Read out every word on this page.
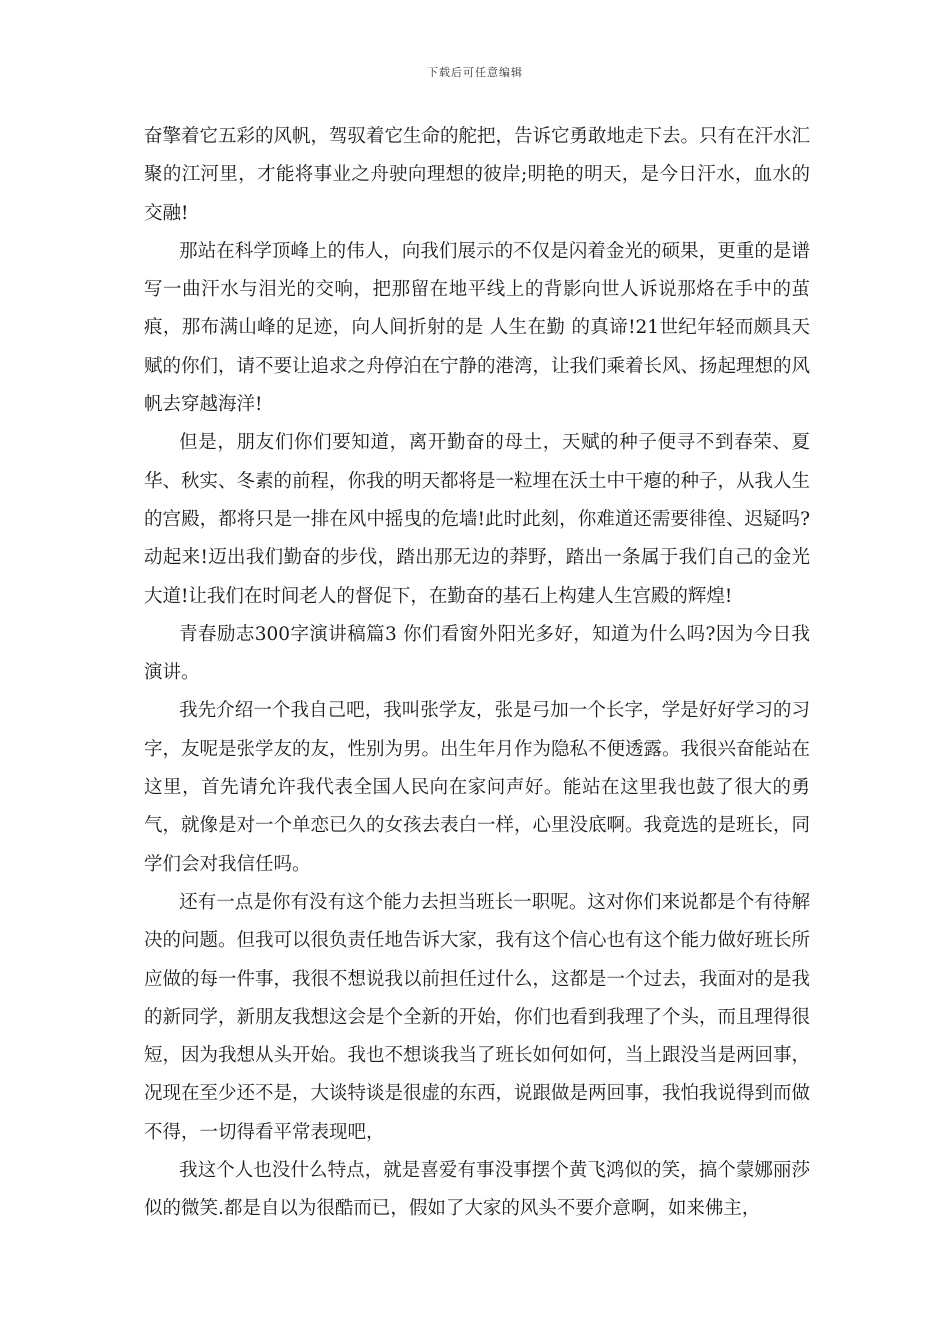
下载后可任意编辑

奋擎着它五彩的风帆，驾驭着它生命的舵把，告诉它勇敢地走下去。只有在汗水汇聚的江河里，才能将事业之舟驶向理想的彼岸;明艳的明天，是今日汗水，血水的交融!

那站在科学顶峰上的伟人，向我们展示的不仅是闪着金光的硕果，更重的是谱写一曲汗水与泪光的交响，把那留在地平线上的背影向世人诉说那烙在手中的茧痕，那布满山峰的足迹，向人间折射的是 人生在勤 的真谛!21世纪年轻而颇具天赋的你们，请不要让追求之舟停泊在宁静的港湾，让我们乘着长风、扬起理想的风帆去穿越海洋!

但是，朋友们你们要知道，离开勤奋的母土，天赋的种子便寻不到春荣、夏华、秋实、冬素的前程，你我的明天都将是一粒埋在沃土中干瘪的种子，从我人生的宫殿，都将只是一排在风中摇曳的危墙!此时此刻，你难道还需要徘徨、迟疑吗?动起来!迈出我们勤奋的步伐，踏出那无边的莽野，踏出一条属于我们自己的金光大道!让我们在时间老人的督促下，在勤奋的基石上构建人生宫殿的辉煌!

青春励志300字演讲稿篇3 你们看窗外阳光多好，知道为什么吗?因为今日我演讲。

我先介绍一个我自己吧，我叫张学友，张是弓加一个长字，学是好好学习的习字，友呢是张学友的友，性别为男。出生年月作为隐私不便透露。我很兴奋能站在这里，首先请允许我代表全国人民向在家问声好。能站在这里我也鼓了很大的勇气，就像是对一个单恋已久的女孩去表白一样，心里没底啊。我竟选的是班长，同学们会对我信任吗。

还有一点是你有没有这个能力去担当班长一职呢。这对你们来说都是个有待解决的问题。但我可以很负责任地告诉大家，我有这个信心也有这个能力做好班长所应做的每一件事，我很不想说我以前担任过什么，这都是一个过去，我面对的是我的新同学，新朋友我想这会是个全新的开始，你们也看到我理了个头，而且理得很短，因为我想从头开始。我也不想谈我当了班长如何如何，当上跟没当是两回事，况现在至少还不是，大谈特谈是很虚的东西，说跟做是两回事，我怕我说得到而做不得，一切得看平常表现吧，

我这个人也没什么特点，就是喜爱有事没事摆个黄飞鸿似的笑，搞个蒙娜丽莎似的微笑.都是自以为很酷而已，假如了大家的风头不要介意啊，如来佛主，
